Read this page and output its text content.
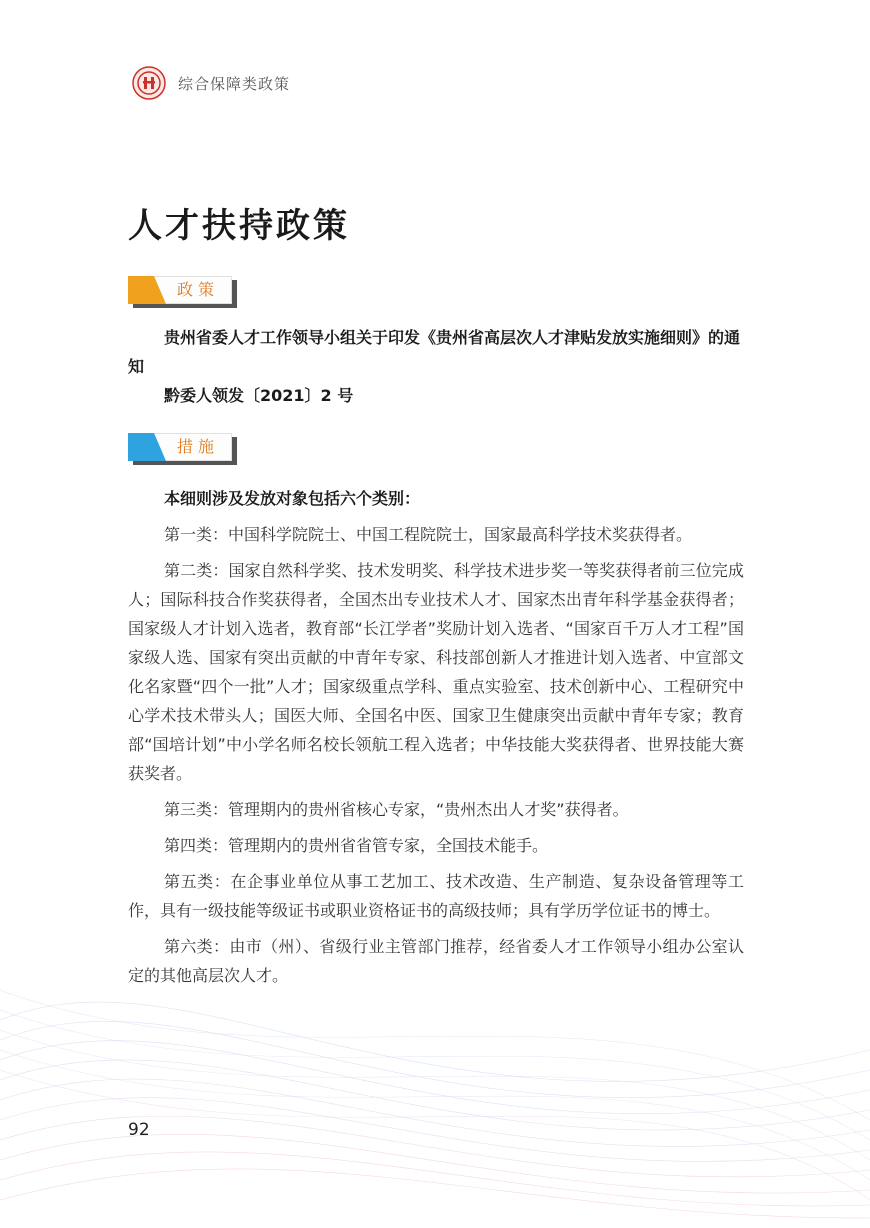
综合保障类政策
人才扶持政策
政策

贵州省委人才工作领导小组关于印发《贵州省高层次人才津贴发放实施细则》的通知

黔委人领发〔2021〕2 号

措施

本细则涉及发放对象包括六个类别：

第一类：中国科学院院士、中国工程院院士，国家最高科学技术奖获得者。

第二类：国家自然科学奖、技术发明奖、科学技术进步奖一等奖获得者前三位完成人；国际科技合作奖获得者，全国杰出专业技术人才、国家杰出青年科学基金获得者；国家级人才计划入选者，教育部“长江学者”奖励计划入选者、“国家百千万人才工程”国家级人选、国家有突出贡献的中青年专家、科技部创新人才推进计划入选者、中宣部文化名家暨“四个一批”人才；国家级重点学科、重点实验室、技术创新中心、工程研究中心学术技术带头人；国医大师、全国名中医、国家卫生健康突出贡献中青年专家；教育部“国培计划”中小学名师名校长领航工程入选者；中华技能大奖获得者、世界技能大赛获奖者。

第三类：管理期内的贵州省核心专家，“贵州杰出人才奖”获得者。

第四类：管理期内的贵州省省管专家，全国技术能手。

第五类：在企事业单位从事工艺加工、技术改造、生产制造、复杂设备管理等工作，具有一级技能等级证书或职业资格证书的高级技师；具有学历学位证书的博士。

第六类：由市（州）、省级行业主管部门推荐，经省委人才工作领导小组办公室认定的其他高层次人才。

92
